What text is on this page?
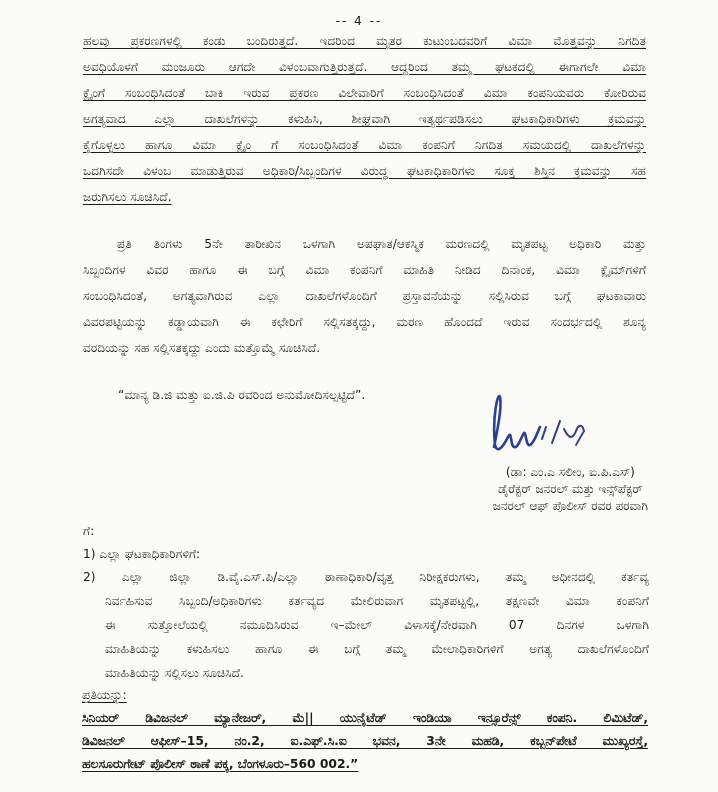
-- 4 --
ಹಲವು ಪ್ರಕರಣಗಳಲ್ಲಿ ಕಂಡು ಬಂದಿರುತ್ತದೆ. ಇದರಿಂದ ಮೃತರ ಕುಟುಂಬದವರಿಗೆ ವಿಮಾ ಮೊತ್ತವನ್ನು ನಿಗದಿತ
ಅವಧಿಯೊಳಗೆ ಮಂಜೂರು ಆಗದೇ ವಿಳಂಬವಾಗುತ್ತಿರುತ್ತದೆ. ಆದ್ದರಿಂದ ತಮ್ಮ ಘಟಕದಲ್ಲಿ ಈಗಾಗಲೇ ವಿಮಾ
ಕ್ಲೈಂಗೆ ಸಂಬಂಧಿಸಿದಂತೆ ಬಾಕಿ ಇರುವ ಪ್ರಕರಣ ವಿಲೇವಾರಿಗೆ ಸಂಬಂಧಿಸಿದಂತೆ ವಿಮಾ ಕಂಪನಿಯವರು ಕೋರಿರುವ
ಅಗತ್ಯವಾದ ಎಲ್ಲಾ ದಾಖಲೆಗಳನ್ನು ಕಳುಹಿಸಿ, ಶೀಘ್ರವಾಗಿ ಇತ್ಯರ್ಥಪಡಿಸಲು ಘಟಕಾಧಿಕಾರಿಗಳು ಕ್ರಮವನ್ನು
ಕೈಗೊಳ್ಳಲು ಹಾಗೂ ವಿಮಾ ಕ್ಲೈಂ ಗೆ ಸಂಬಂಧಿಸಿದಂತೆ ವಿಮಾ ಕಂಪನಿಗೆ ನಿಗದಿತ ಸಮಯದಲ್ಲಿ ದಾಖಲೆಗಳನ್ನು
ಒದಗಿಸದೇ ವಿಳಂಬ ಮಾಡುತ್ತಿರುವ ಅಧಿಕಾರಿ/ಸಿಬ್ಬಂದಿಗಳ ವಿರುದ್ಧ ಘಟಕಾಧಿಕಾರಿಗಳು ಸೂಕ್ತ ಶಿಸ್ತಿನ ಕ್ರಮವನ್ನು ಸಹ
ಜರುಗಿಸಲು ಸೂಚಿಸಿದೆ.
ಪ್ರತಿ ತಿಂಗಳು 5ನೇ ತಾರೀಖಿನ ಒಳಗಾಗಿ ಅಪಘಾತ/ಆಕಸ್ಮಿಕ ಮರಣದಲ್ಲಿ ಮೃತಪಟ್ಟ ಅಧಿಕಾರಿ ಮತ್ತು
ಸಿಬ್ಬಂದಿಗಳ ವಿವರ ಹಾಗೂ ಈ ಬಗ್ಗೆ ವಿಮಾ ಕಂಪನಿಗೆ ಮಾಹಿತಿ ನೀಡಿದ ದಿನಾಂಕ, ವಿಮಾ ಕ್ಲೈಮ್‌ಗಳಿಗೆ
ಸಂಬಂಧಿಸಿದಂತೆ, ಅಗತ್ಯವಾಗಿರುವ ಎಲ್ಲಾ ದಾಖಲೆಗಳೊಂದಿಗೆ ಪ್ರಸ್ತಾವನೆಯನ್ನು ಸಲ್ಲಿಸಿರುವ ಬಗ್ಗೆ ಘಟಕಾವಾರು
ವಿವರಪಟ್ಟಿಯನ್ನು ಕಡ್ಡಾಯವಾಗಿ ಈ ಕಛೇರಿಗೆ ಸಲ್ಲಿಸತಕ್ಕದ್ದು, ಮರಣ ಹೊಂದದೆ ಇರುವ ಸಂದರ್ಭದಲ್ಲಿ ಶೂನ್ಯ
ವರದಿಯನ್ನು ಸಹ ಸಲ್ಲಿಸತಕ್ಕದ್ದು ಎಂದು ಮತ್ತೊಮ್ಮೆ ಸೂಚಿಸಿದೆ.
“ಮಾನ್ಯ ಡಿ.ಜಿ ಮತ್ತು ಐ.ಜಿ.ಪಿ ರವರಿಂದ ಅನುಮೋದಿಸಲ್ಪಟ್ಟಿದೆ”.
(ಡಾ: ಎಂ.ಎ ಸಲೀಂ, ಐ.ಪಿ.ಎಸ್)
ಡೈರೆಕ್ಟರ್ ಜನರಲ್ ಮತ್ತು ಇನ್ಸ್‌ಪೆಕ್ಟರ್
ಜನರಲ್ ಆಫ್ ಪೊಲೀಸ್ ರವರ ಪರವಾಗಿ
ಗೆ:
1) ಎಲ್ಲಾ ಘಟಕಾಧಿಕಾರಿಗಳಿಗೆ:
2) ಎಲ್ಲಾ ಜಿಲ್ಲಾ ಡಿ.ವೈ.ಎಸ್.ಪಿ/ಎಲ್ಲಾ ಠಾಣಾಧಿಕಾರಿ/ವೃತ್ತ ನಿರೀಕ್ಷಕರುಗಳು, ತಮ್ಮ ಅಧೀನದಲ್ಲಿ ಕರ್ತವ್ಯ
ನಿರ್ವಹಿಸುವ ಸಿಬ್ಬಂದಿ/ಅಧಿಕಾರಿಗಳು ಕರ್ತವ್ಯದ ಮೇಲಿರುವಾಗ ಮೃತಪಟ್ಟಲ್ಲಿ, ತಕ್ಷಣವೇ ವಿಮಾ ಕಂಪನಿಗೆ
ಈ ಸುತ್ತೋಲೆಯಲ್ಲಿ ನಮೂದಿಸಿರುವ ಇ–ಮೇಲ್ ವಿಳಾಸಕ್ಕೆ/ನೇರವಾಗಿ 07 ದಿನಗಳ ಒಳಗಾಗಿ
ಮಾಹಿತಿಯನ್ನು ಕಳುಹಿಸಲು ಹಾಗೂ ಈ ಬಗ್ಗೆ ತಮ್ಮ ಮೇಲಾಧಿಕಾರಿಗಳಿಗೆ ಅಗತ್ಯ ದಾಖಲೆಗಳೊಂದಿಗೆ
ಮಾಹಿತಿಯನ್ನು ಸಲ್ಲಿಸಲು ಸೂಚಿಸಿದೆ.
ಪ್ರತಿಯನ್ನು:
ಸಿನಿಯರ್ ಡಿವಿಜನಲ್ ಮ್ಯಾನೇಜರ್, ಮೆ|| ಯುನೈಟೆಡ್ ಇಂಡಿಯಾ ಇನ್ಸೂರೆನ್ಸ್ ಕಂಪನಿ. ಲಿಮಿಟೆಡ್,
ಡಿವಿಜನಲ್ ಆಫೀಸ್–15, ನಂ.2, ಐ.ಎಫ್.ಸಿ.ಐ ಭವನ, 3ನೇ ಮಹಡಿ, ಕಬ್ಬನ್‌ಪೇಟೆ ಮುಖ್ಯರಸ್ತೆ,
ಹಲಸೂರುಗೇಟ್ ಪೊಲೀಸ್ ಠಾಣೆ ಪಕ್ಕ, ಬೆಂಗಳೂರು–560 002.”
